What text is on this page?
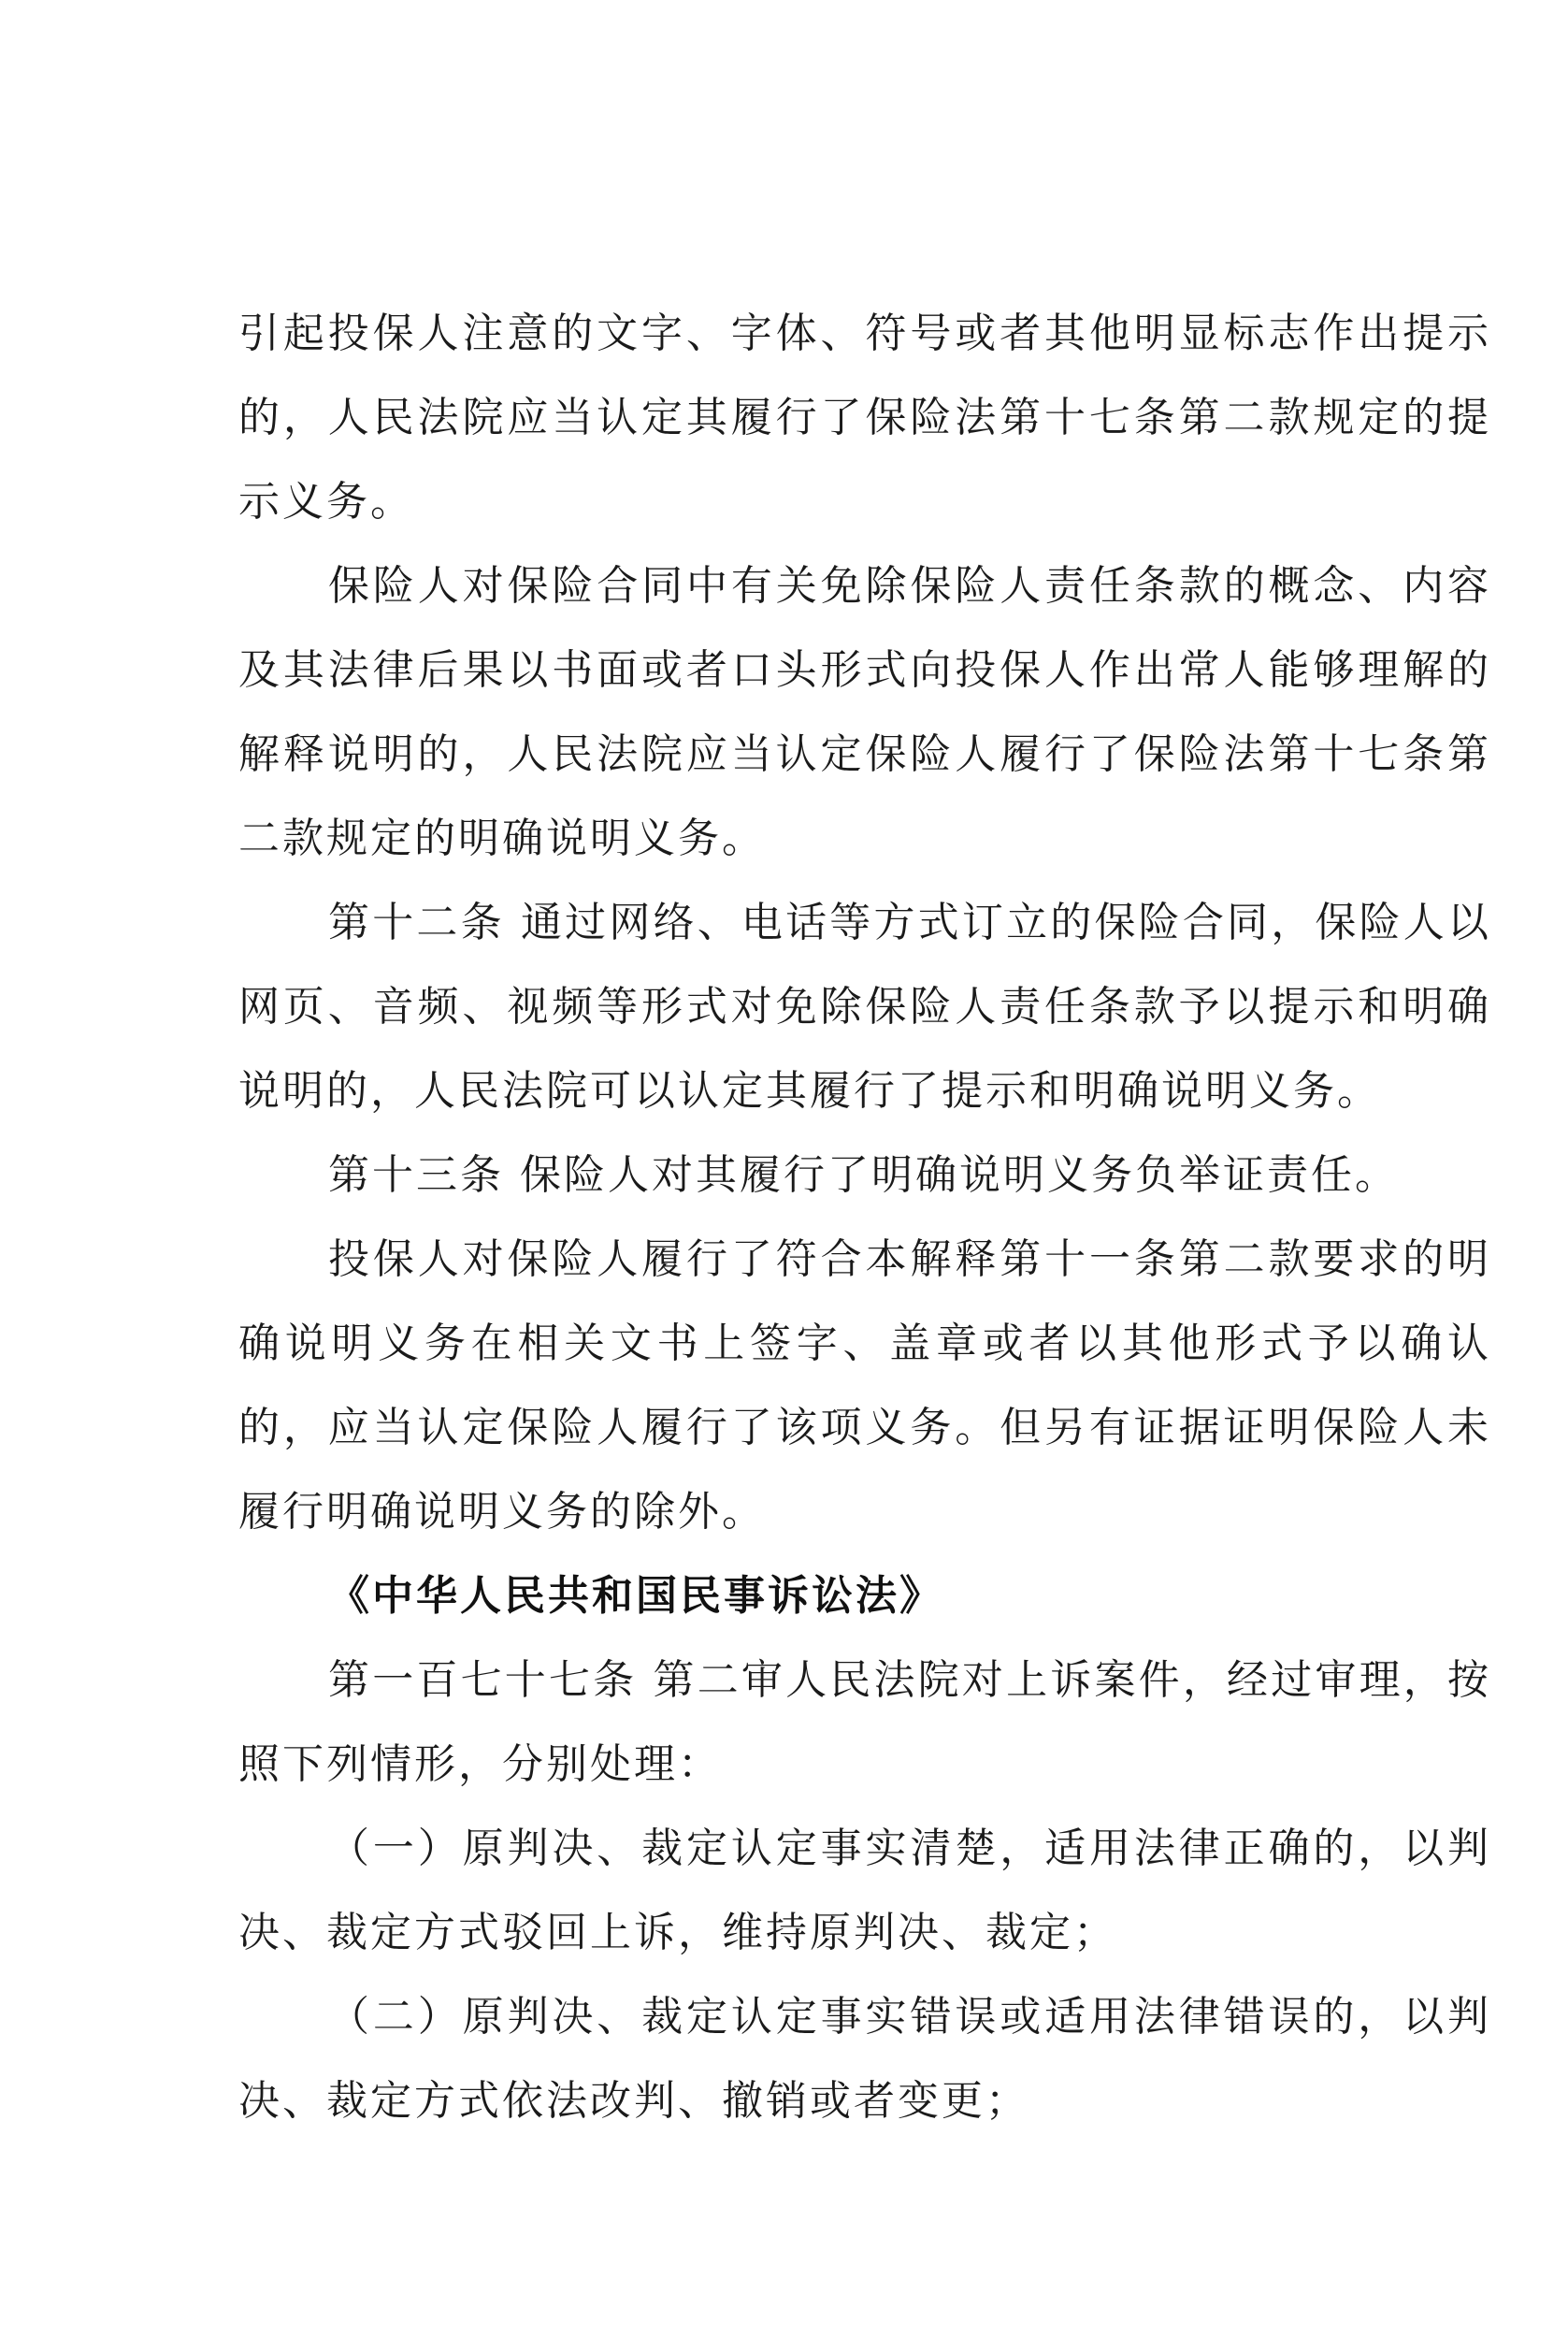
引起投保人注意的文字、字体、符号或者其他明显标志作出提示的，人民法院应当认定其履行了保险法第十七条第二款规定的提示义务。
保险人对保险合同中有关免除保险人责任条款的概念、内容及其法律后果以书面或者口头形式向投保人作出常人能够理解的解释说明的，人民法院应当认定保险人履行了保险法第十七条第二款规定的明确说明义务。
第十二条 通过网络、电话等方式订立的保险合同，保险人以网页、音频、视频等形式对免除保险人责任条款予以提示和明确说明的，人民法院可以认定其履行了提示和明确说明义务。
第十三条 保险人对其履行了明确说明义务负举证责任。
投保人对保险人履行了符合本解释第十一条第二款要求的明确说明义务在相关文书上签字、盖章或者以其他形式予以确认的，应当认定保险人履行了该项义务。但另有证据证明保险人未履行明确说明义务的除外。
《中华人民共和国民事诉讼法》
第一百七十七条 第二审人民法院对上诉案件，经过审理，按照下列情形，分别处理：
（一）原判决、裁定认定事实清楚，适用法律正确的，以判决、裁定方式驳回上诉，维持原判决、裁定；
（二）原判决、裁定认定事实错误或适用法律错误的，以判决、裁定方式依法改判、撤销或者变更；
